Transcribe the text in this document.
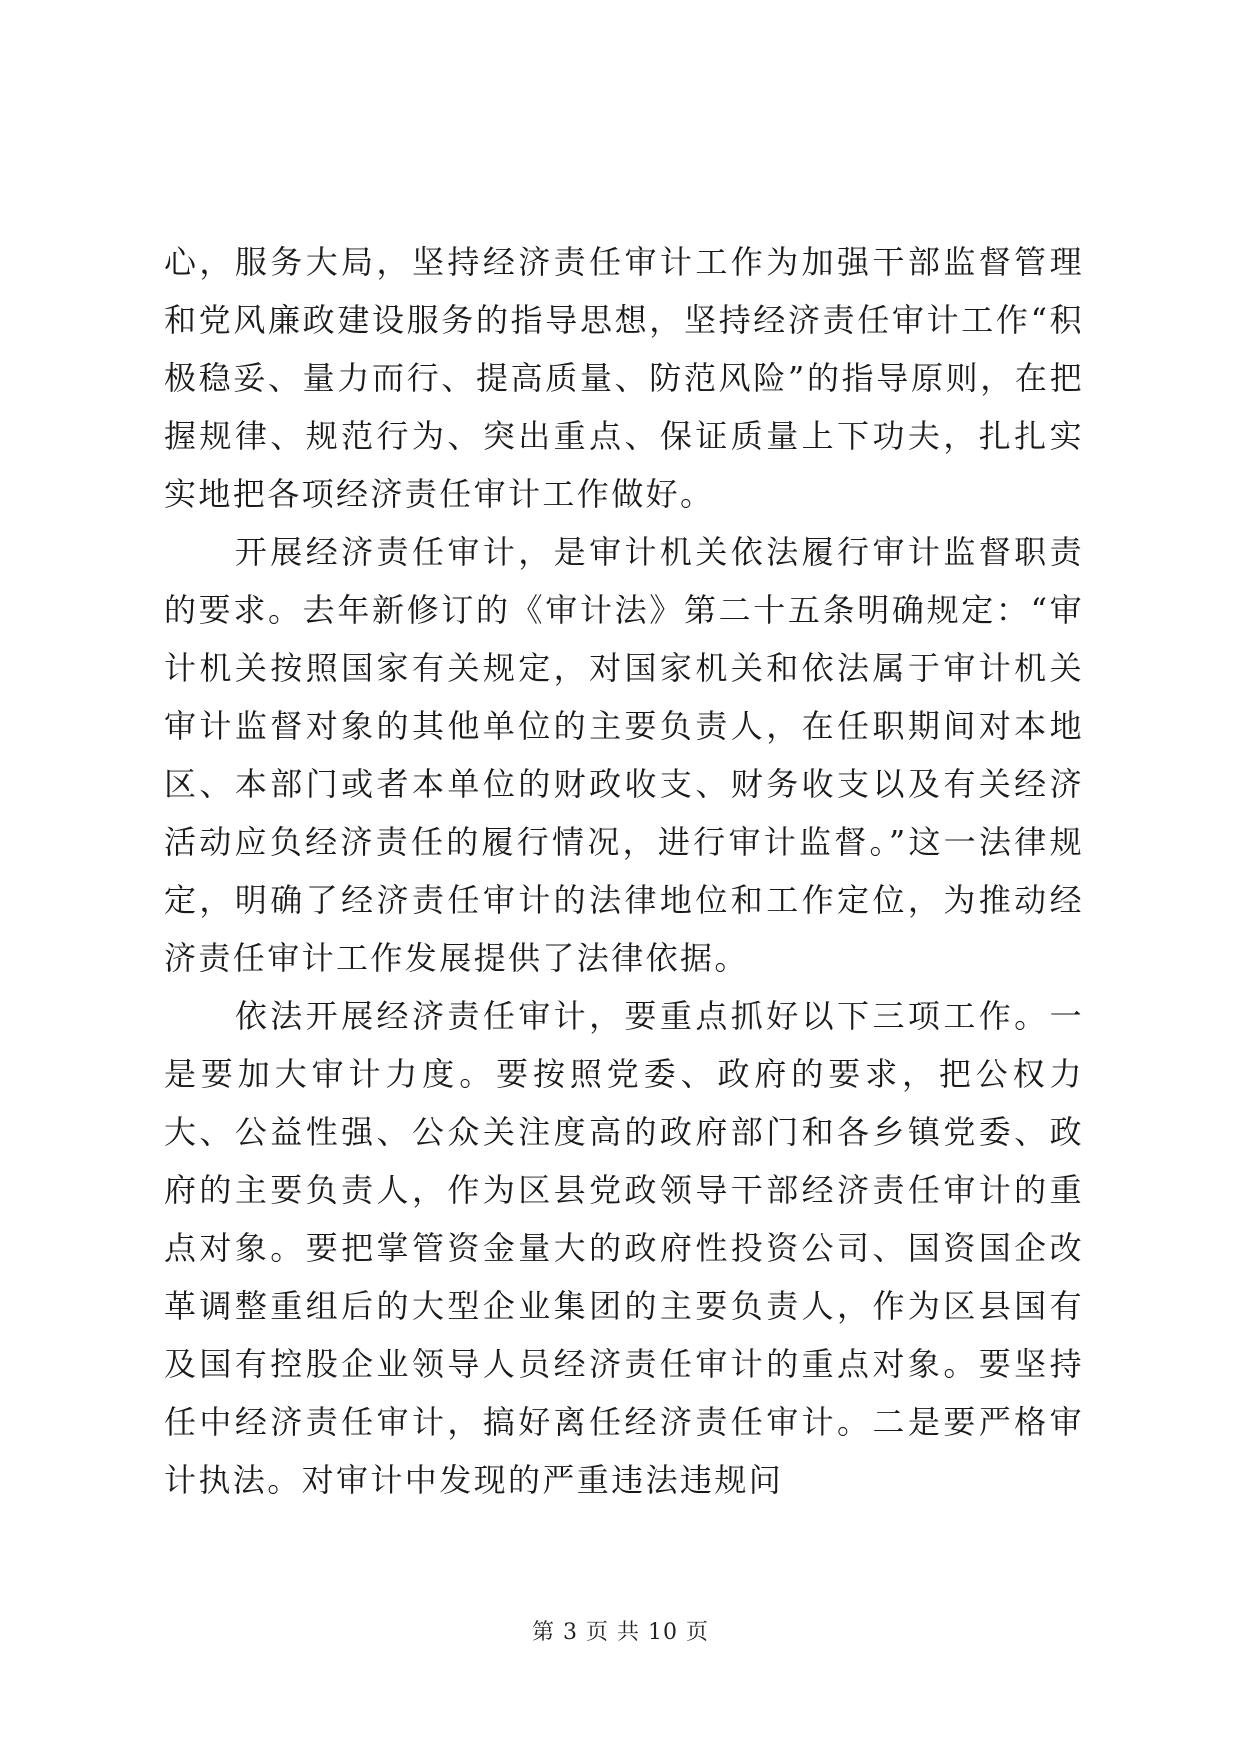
心，服务大局，坚持经济责任审计工作为加强干部监督管理和党风廉政建设服务的指导思想，坚持经济责任审计工作“积极稳妥、量力而行、提高质量、防范风险”的指导原则，在把握规律、规范行为、突出重点、保证质量上下功夫，扎扎实实地把各项经济责任审计工作做好。

　　开展经济责任审计，是审计机关依法履行审计监督职责的要求。去年新修订的《审计法》第二十五条明确规定：“审计机关按照国家有关规定，对国家机关和依法属于审计机关审计监督对象的其他单位的主要负责人，在任职期间对本地区、本部门或者本单位的财政收支、财务收支以及有关经济活动应负经济责任的履行情况，进行审计监督。”这一法律规定，明确了经济责任审计的法律地位和工作定位，为推动经济责任审计工作发展提供了法律依据。

　　依法开展经济责任审计，要重点抓好以下三项工作。一是要加大审计力度。要按照党委、政府的要求，把公权力大、公益性强、公众关注度高的政府部门和各乡镇党委、政府的主要负责人，作为区县党政领导干部经济责任审计的重点对象。要把掌管资金量大的政府性投资公司、国资国企改革调整重组后的大型企业集团的主要负责人，作为区县国有及国有控股企业领导人员经济责任审计的重点对象。要坚持任中经济责任审计，搞好离任经济责任审计。二是要严格审计执法。对审计中发现的严重违法违规问

第 3 页 共 10 页
